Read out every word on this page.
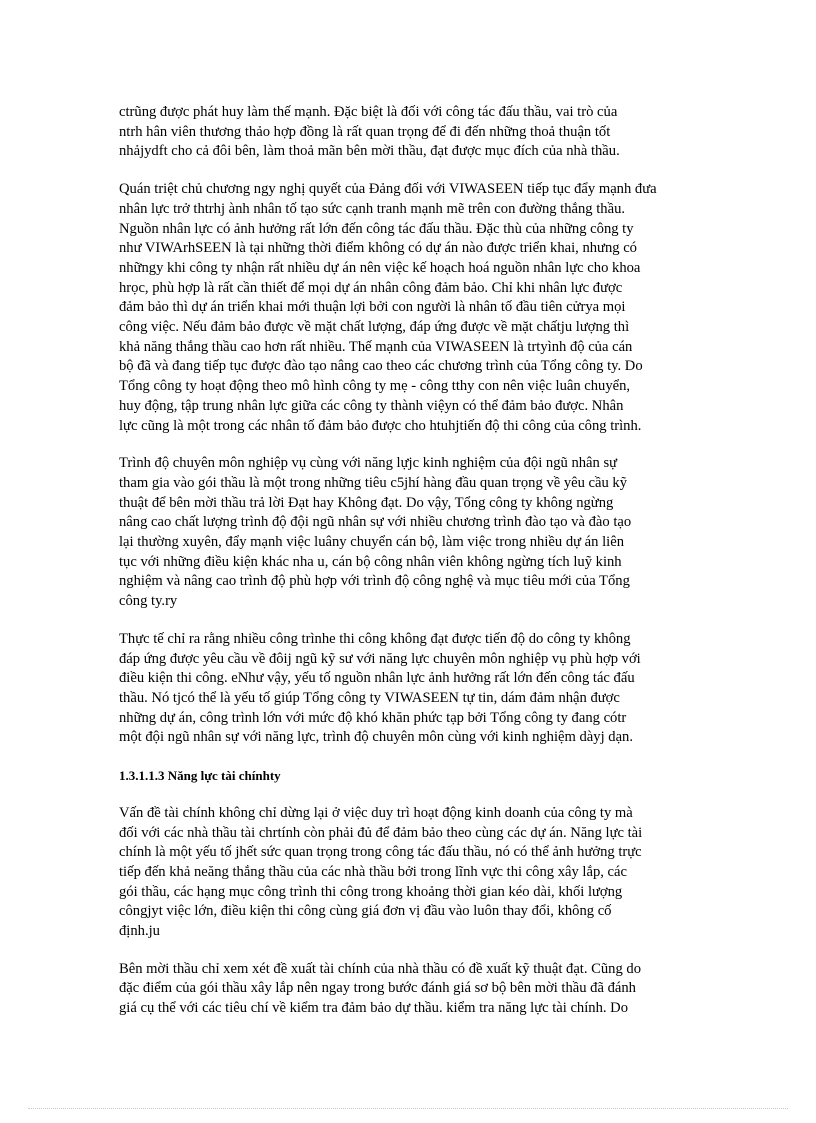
ctrũng được phát huy làm thế mạnh. Đặc biệt là đối với công tác đấu thầu, vai trò của
ntrh hân viên thương thảo hợp đồng là rất quan trọng để đi đến những thoả thuận tốt
nhảjydft cho cả đôi bên, làm thoả mãn bên mời thầu, đạt được mục đích của nhà thầu.

Quán triệt chủ chương ngy nghị quyết của Đảng đối với VIWASEEN tiếp tục đẩy mạnh đưa
nhân lực trở thtrhj ành nhân tố tạo sức cạnh tranh mạnh mẽ trên con đường thắng thầu.
Nguồn nhân lực có ảnh hưởng rất lớn đến công tác đấu thầu. Đặc thù của những công ty
như VIWArhSEEN là tại những thời điểm không có dự án nào được triển khai, nhưng có
nhữngy khi công ty nhận rất nhiều dự án nên việc kế hoạch hoá nguồn nhân lực cho khoa
hrọc, phù hợp là rất cần thiết để mọi dự án nhân công đảm bảo. Chỉ khi nhân lực được
đảm bảo thì dự án triển khai mới thuận lợi bởi con người là nhân tố đầu tiên cửrya mọi
công việc. Nếu đảm bảo được về mặt chất lượng, đáp ứng được về mặt chấtju lượng thì
khả năng thắng thầu cao hơn rất nhiều. Thế mạnh của VIWASEEN là trtyình độ của cán
bộ đã và đang tiếp tục được đào tạo nâng cao theo các chương trình của Tổng công ty. Do
Tổng công ty hoạt động theo mô hình công ty mẹ - công tthy con nên việc luân chuyển,
huy động, tập trung nhân lực giữa các công ty thành việyn có thể đảm bảo được. Nhân
lực cũng là một trong các nhân tố đảm bảo được cho htuhjtiến độ thi công của công trình.

Trình độ chuyên môn nghiệp vụ cùng với năng lựjc kinh nghiệm của đội ngũ nhân sự
tham gia vào gói thầu là một trong những tiêu c5jhí hàng đầu quan trọng về yêu cầu kỹ
thuật để bên mời thầu trả lời Đạt hay Không đạt. Do vậy, Tổng công ty không ngừng
nâng cao chất lượng trình độ đội ngũ nhân sự với nhiều chương trình đào tạo và đào tạo
lại thường xuyên, đẩy mạnh việc luâny chuyển cán bộ, làm việc trong nhiều dự án liên
tục với những điều kiện khác nha u, cán bộ công nhân viên không ngừng tích luỹ kinh
nghiệm và nâng cao trình độ phù hợp với trình độ công nghệ và mục tiêu mới của Tổng
công ty.ry

Thực tế chỉ ra rằng nhiều công trìnhe thi công không đạt được tiến độ do công ty không
đáp ứng được yêu cầu về đôij ngũ kỹ sư với năng lực chuyên môn nghiệp vụ phù hợp với
điều kiện thi công. eNhư vậy, yếu tố nguồn nhân lực ảnh hưởng rất lớn đến công tác đấu
thầu. Nó tjcó thể là yếu tố giúp Tổng công ty VIWASEEN tự tin, dám đảm nhận được
những dự án, công trình lớn với mức độ khó khăn phức tạp bởi Tổng công ty đang cótr
một đội ngũ nhân sự với năng lực, trình độ chuyên môn cùng với kinh nghiệm dàyj dạn.

1.3.1.1.3 Năng lực tài chínhty

Vấn đề tài chính không chỉ dừng lại ở việc duy trì hoạt động kinh doanh của công ty mà
đối với các nhà thầu tài chrtính còn phải đủ để đảm bảo theo cùng các dự án. Năng lực tài
chính là một yếu tố jhết sức quan trọng trong công tác đấu thầu, nó có thể ảnh hưởng trực
tiếp đến khả neăng thắng thầu của các nhà thầu bởi trong lĩnh vực thi công xây lắp, các
gói thầu, các hạng mục công trình thi công trong khoảng thời gian kéo dài, khối lượng
côngjyt việc lớn, điều kiện thi công cùng giá đơn vị đầu vào luôn thay đổi, không cố
định.ju

Bên mời thầu chỉ xem xét đề xuất tài chính của nhà thầu có đề xuất kỹ thuật đạt. Cũng do
đặc điểm của gói thầu xây lắp nên ngay trong bước đánh giá sơ bộ bên mời thầu đã đánh
giá cụ thể với các tiêu chí về kiểm tra đảm bảo dự thầu. kiểm tra năng lực tài chính. Do
